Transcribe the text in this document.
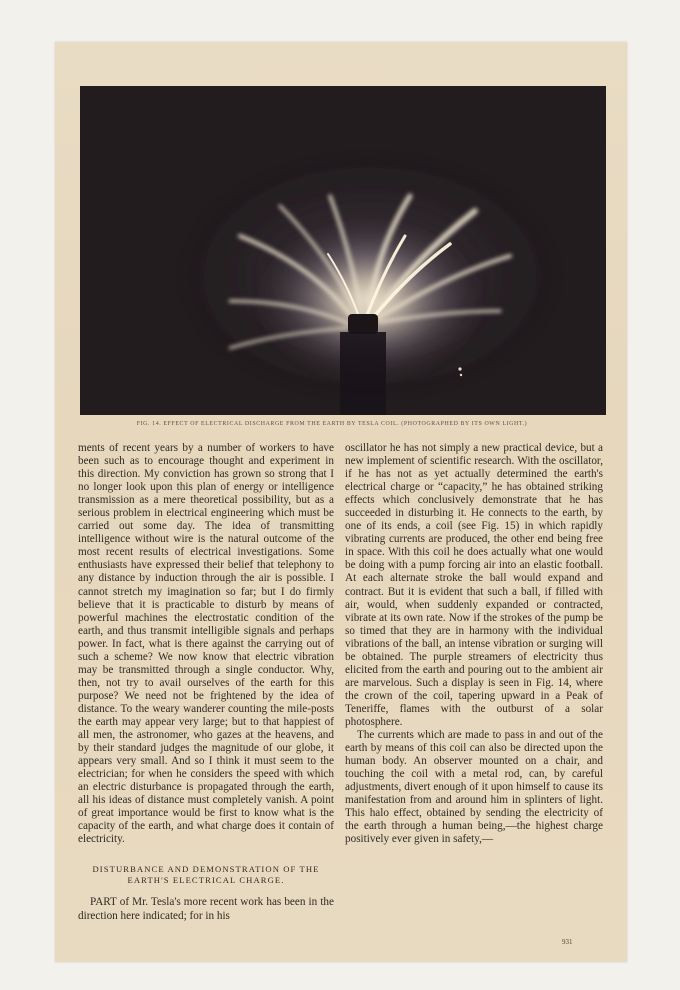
FIG. 14. EFFECT OF ELECTRICAL DISCHARGE FROM THE EARTH BY TESLA COIL. (PHOTOGRAPHED BY ITS OWN LIGHT.)

ments of recent years by a number of workers to have been such as to encourage thought and experiment in this direction. My conviction has grown so strong that I no longer look upon this plan of energy or intelligence transmission as a mere theoretical possibility, but as a serious problem in electrical engineering which must be carried out some day. The idea of transmitting intelligence without wire is the natural outcome of the most recent results of electrical investigations. Some enthusiasts have expressed their belief that telephony to any distance by induction through the air is possible. I cannot stretch my imagination so far; but I do firmly believe that it is practicable to disturb by means of powerful machines the electrostatic condition of the earth, and thus transmit intelligible signals and perhaps power. In fact, what is there against the carrying out of such a scheme? We now know that electric vibration may be transmitted through a single conductor. Why, then, not try to avail ourselves of the earth for this purpose? We need not be frightened by the idea of distance. To the weary wanderer counting the mile-posts the earth may appear very large; but to that happiest of all men, the astronomer, who gazes at the heavens, and by their standard judges the magnitude of our globe, it appears very small. And so I think it must seem to the electrician; for when he considers the speed with which an electric disturbance is propagated through the earth, all his ideas of distance must completely vanish. A point of great importance would be first to know what is the capacity of the earth, and what charge does it contain of electricity.

DISTURBANCE AND DEMONSTRATION OF THE
EARTH'S ELECTRICAL CHARGE.

PART of Mr. Tesla's more recent work has been in the direction here indicated; for in his

oscillator he has not simply a new practical device, but a new implement of scientific research. With the oscillator, if he has not as yet actually determined the earth's electrical charge or “capacity,” he has obtained striking effects which conclusively demonstrate that he has succeeded in disturbing it. He connects to the earth, by one of its ends, a coil (see Fig. 15) in which rapidly vibrating currents are produced, the other end being free in space. With this coil he does actually what one would be doing with a pump forcing air into an elastic football. At each alternate stroke the ball would expand and contract. But it is evident that such a ball, if filled with air, would, when suddenly expanded or contracted, vibrate at its own rate. Now if the strokes of the pump be so timed that they are in harmony with the individual vibrations of the ball, an intense vibration or surging will be obtained. The purple streamers of electricity thus elicited from the earth and pouring out to the ambient air are marvelous. Such a display is seen in Fig. 14, where the crown of the coil, tapering upward in a Peak of Teneriffe, flames with the outburst of a solar photosphere.

The currents which are made to pass in and out of the earth by means of this coil can also be directed upon the human body. An observer mounted on a chair, and touching the coil with a metal rod, can, by careful adjustments, divert enough of it upon himself to cause its manifestation from and around him in splinters of light. This halo effect, obtained by sending the electricity of the earth through a human being,—the highest charge positively ever given in safety,—

931
